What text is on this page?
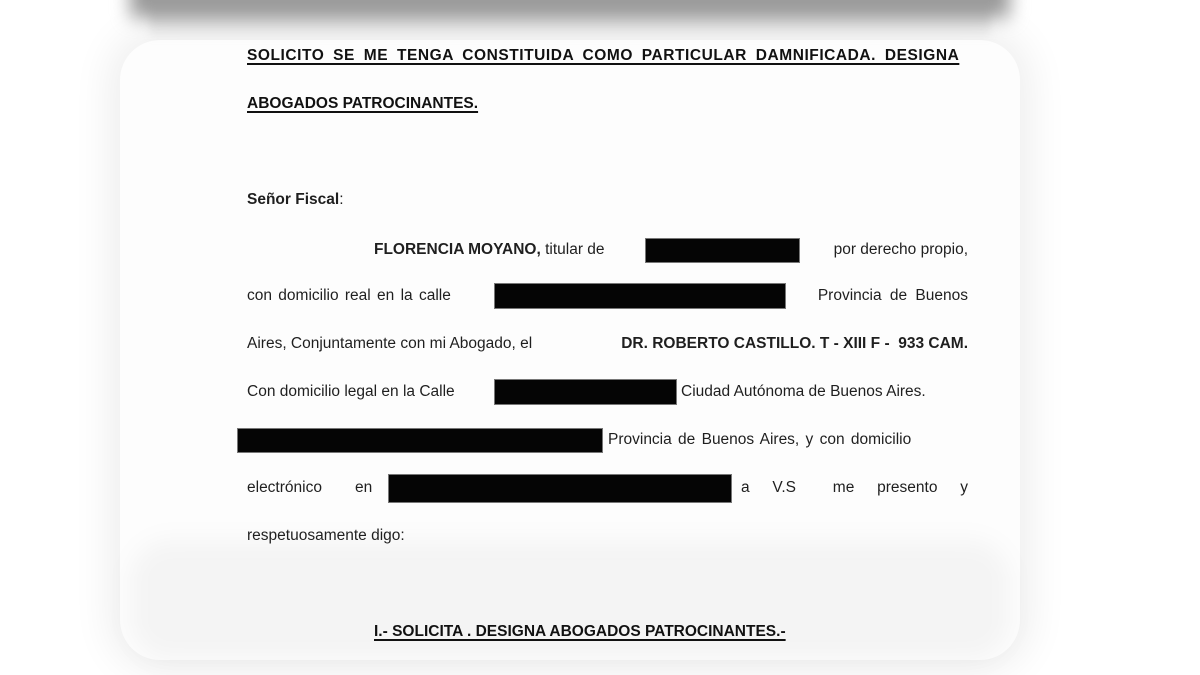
SOLICITO SE ME TENGA CONSTITUIDA COMO PARTICULAR DAMNIFICADA. DESIGNA
ABOGADOS PATROCINANTES.
Señor Fiscal:
FLORENCIA MOYANO, titular de	por derecho propio,
con domicilio real en la calle	Provincia de Buenos
Aires, Conjuntamente con mi Abogado, el	DR. ROBERTO CASTILLO. T - XIII F -  933 CAM.
Con domicilio legal en la Calle	Ciudad Autónoma de Buenos Aires.
Provincia de Buenos Aires, y con domicilio
electrónico en	a V.S me presento y
respetuosamente digo:
I.- SOLICITA . DESIGNA ABOGADOS PATROCINANTES.-
